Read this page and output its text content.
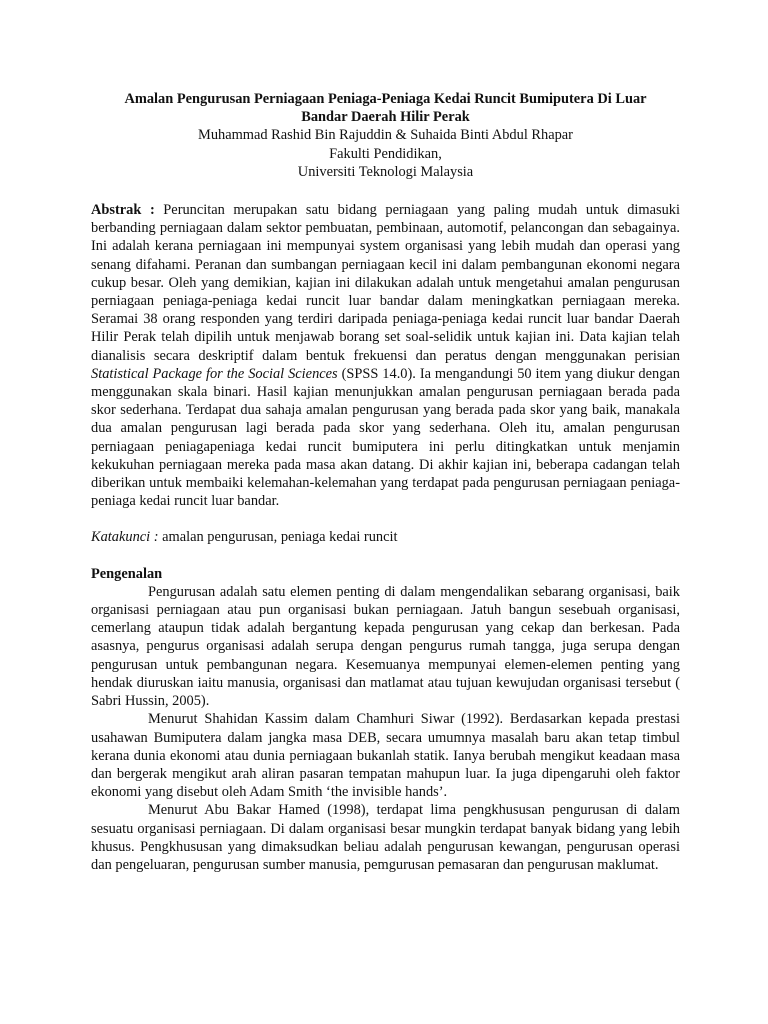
Amalan Pengurusan Perniagaan Peniaga-Peniaga Kedai Runcit Bumiputera Di Luar

Bandar Daerah Hilir Perak

Muhammad Rashid Bin Rajuddin & Suhaida Binti Abdul Rhapar

Fakulti Pendidikan,

Universiti Teknologi Malaysia

Abstrak : Peruncitan merupakan satu bidang perniagaan yang paling mudah untuk dimasuki berbanding perniagaan dalam sektor pembuatan, pembinaan, automotif, pelancongan dan sebagainya. Ini adalah kerana perniagaan ini mempunyai system organisasi yang lebih mudah dan operasi yang senang difahami. Peranan dan sumbangan perniagaan kecil ini dalam pembangunan ekonomi negara cukup besar. Oleh yang demikian, kajian ini dilakukan adalah untuk mengetahui amalan pengurusan perniagaan peniaga-peniaga kedai runcit luar bandar dalam meningkatkan perniagaan mereka. Seramai 38 orang responden yang terdiri daripada peniaga-peniaga kedai runcit luar bandar Daerah Hilir Perak telah dipilih untuk menjawab borang set soal-selidik untuk kajian ini. Data kajian telah dianalisis secara deskriptif dalam bentuk frekuensi dan peratus dengan menggunakan perisian Statistical Package for the Social Sciences (SPSS 14.0). Ia mengandungi 50 item yang diukur dengan menggunakan skala binari. Hasil kajian menunjukkan amalan pengurusan perniagaan berada pada skor sederhana. Terdapat dua sahaja amalan pengurusan yang berada pada skor yang baik, manakala dua amalan pengurusan lagi berada pada skor yang sederhana. Oleh itu, amalan pengurusan perniagaan peniagapeniaga kedai runcit bumiputera ini perlu ditingkatkan untuk menjamin kekukuhan perniagaan mereka pada masa akan datang. Di akhir kajian ini, beberapa cadangan telah diberikan untuk membaiki kelemahan-kelemahan yang terdapat pada pengurusan perniagaan peniaga-peniaga kedai runcit luar bandar.

Katakunci : amalan pengurusan, peniaga kedai runcit

Pengenalan

Pengurusan adalah satu elemen penting di dalam mengendalikan sebarang organisasi, baik organisasi perniagaan atau pun organisasi bukan perniagaan. Jatuh bangun sesebuah organisasi, cemerlang ataupun tidak adalah bergantung kepada pengurusan yang cekap dan berkesan. Pada asasnya, pengurus organisasi adalah serupa dengan pengurus rumah tangga, juga serupa dengan pengurusan untuk pembangunan negara. Kesemuanya mempunyai elemen-elemen penting yang hendak diuruskan iaitu manusia, organisasi dan matlamat atau tujuan kewujudan organisasi tersebut ( Sabri Hussin, 2005).

Menurut Shahidan Kassim dalam Chamhuri Siwar (1992). Berdasarkan kepada prestasi usahawan Bumiputera dalam jangka masa DEB, secara umumnya masalah baru akan tetap timbul kerana dunia ekonomi atau dunia perniagaan bukanlah statik. Ianya berubah mengikut keadaan masa dan bergerak mengikut arah aliran pasaran tempatan mahupun luar. Ia juga dipengaruhi oleh faktor ekonomi yang disebut oleh Adam Smith ‘the invisible hands’.

Menurut Abu Bakar Hamed (1998), terdapat lima pengkhususan pengurusan di dalam sesuatu organisasi perniagaan. Di dalam organisasi besar mungkin terdapat banyak bidang yang lebih khusus. Pengkhususan yang dimaksudkan beliau adalah pengurusan kewangan, pengurusan operasi dan pengeluaran, pengurusan sumber manusia, pemgurusan pemasaran dan pengurusan maklumat.
